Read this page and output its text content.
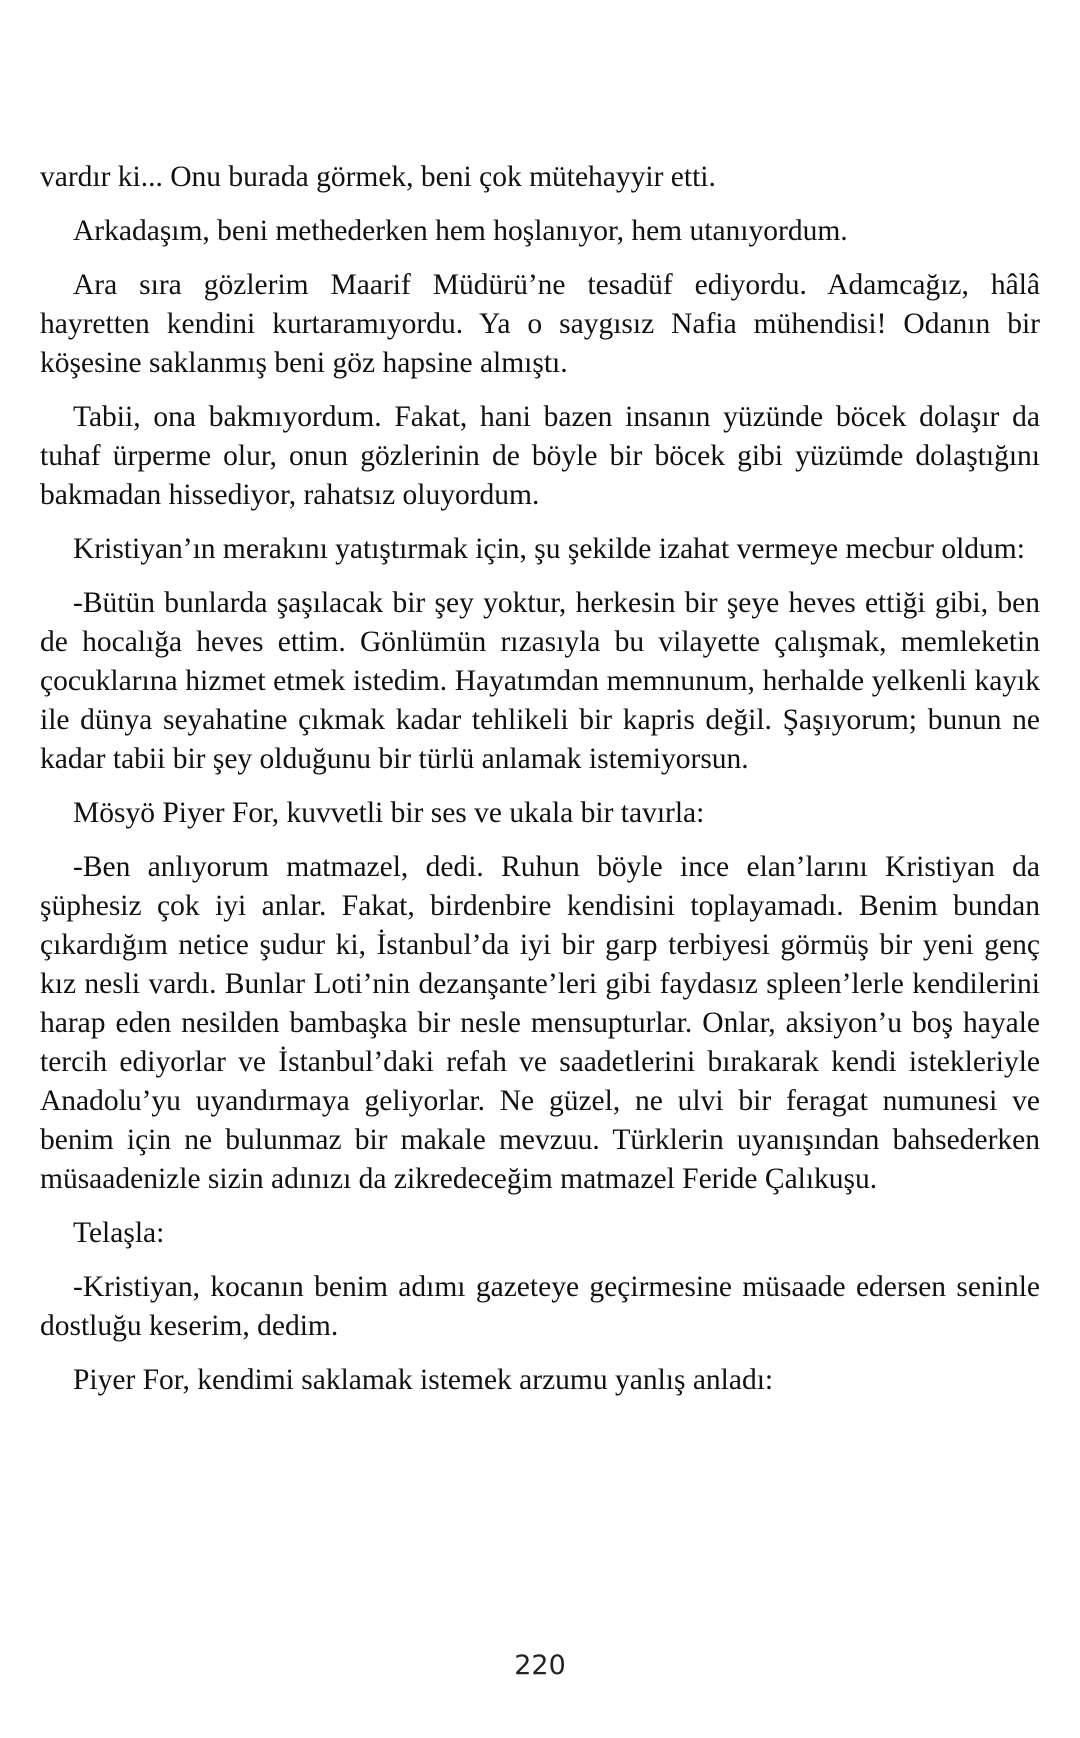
vardır ki... Onu burada görmek, beni çok mütehayyir etti.

Arkadaşım, beni methederken hem hoşlanıyor, hem utanıyordum.

Ara sıra gözlerim Maarif Müdürü’ne tesadüf ediyordu. Adamcağız, hâlâ hayretten kendini kurtaramıyordu. Ya o saygısız Nafia mühendisi! Odanın bir köşesine saklanmış beni göz hapsine almıştı.

Tabii, ona bakmıyordum. Fakat, hani bazen insanın yüzünde böcek dolaşır da tuhaf ürperme olur, onun gözlerinin de böyle bir böcek gibi yüzümde dolaştığını bakmadan hissediyor, rahatsız oluyordum.

Kristiyan’ın merakını yatıştırmak için, şu şekilde izahat vermeye mecbur oldum:

-Bütün bunlarda şaşılacak bir şey yoktur, herkesin bir şeye heves ettiği gibi, ben de hocalığa heves ettim. Gönlümün rızasıyla bu vilayette çalışmak, memleketin çocuklarına hizmet etmek istedim. Hayatımdan memnunum, herhalde yelkenli kayık ile dünya seyahatine çıkmak kadar tehlikeli bir kapris değil. Şaşıyorum; bunun ne kadar tabii bir şey olduğunu bir türlü anlamak istemiyorsun.

Mösyö Piyer For, kuvvetli bir ses ve ukala bir tavırla:

-Ben anlıyorum matmazel, dedi. Ruhun böyle ince elan’larını Kristiyan da şüphesiz çok iyi anlar. Fakat, birdenbire kendisini toplayamadı. Benim bundan çıkardığım netice şudur ki, İstanbul’da iyi bir garp terbiyesi görmüş bir yeni genç kız nesli vardı. Bunlar Loti’nin dezanşante’leri gibi faydasız spleen’lerle kendilerini harap eden nesilden bambaşka bir nesle mensupturlar. Onlar, aksiyon’u boş hayale tercih ediyorlar ve İstanbul’daki refah ve saadetlerini bırakarak kendi istekleriyle Anadolu’yu uyandırmaya geliyorlar. Ne güzel, ne ulvi bir feragat numunesi ve benim için ne bulunmaz bir makale mevzuu. Türklerin uyanışından bahsederken müsaadenizle sizin adınızı da zikredeceğim matmazel Feride Çalıkuşu.

Telaşla:

-Kristiyan, kocanın benim adımı gazeteye geçirmesine müsaade edersen seninle dostluğu keserim, dedim.

Piyer For, kendimi saklamak istemek arzumu yanlış anladı:

220
